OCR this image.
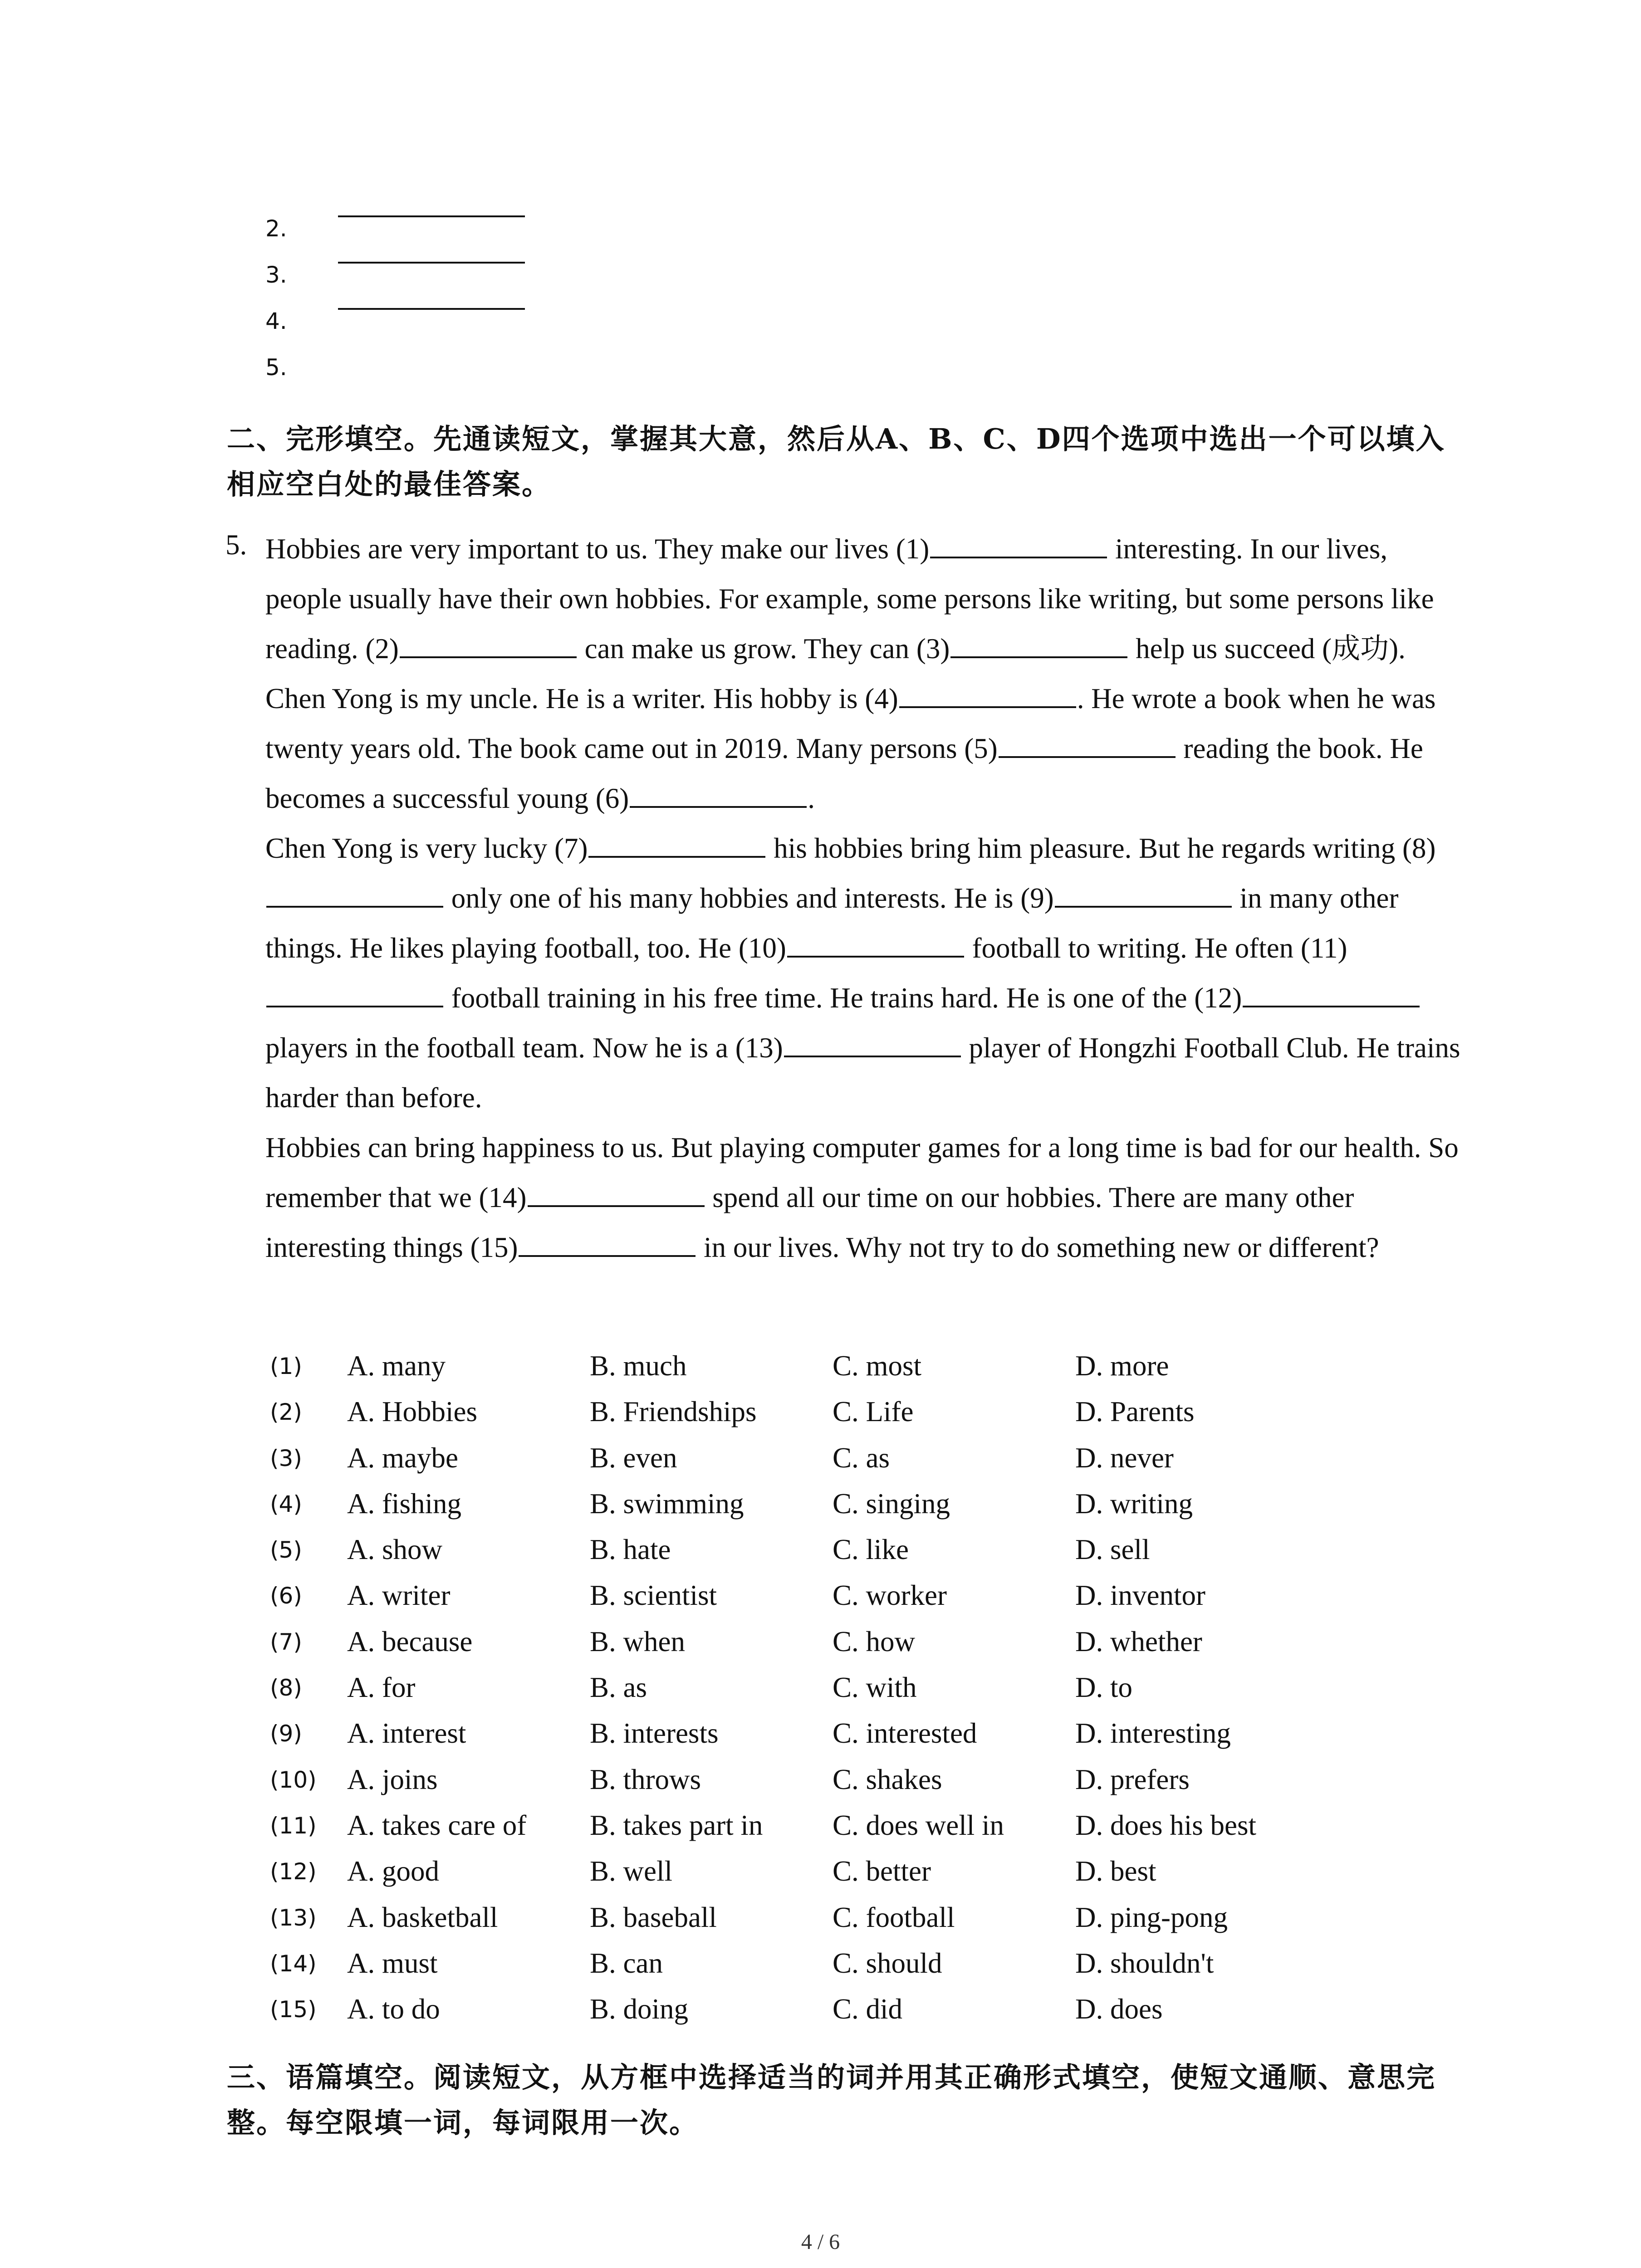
2.
3.
4.
5.

二、完形填空。先通读短文，掌握其大意，然后从A、B、C、D四个选项中选出一个可以填入相应空白处的最佳答案。

5. Hobbies are very important to us. They make our lives (1)	interesting. In our lives, people usually have their own hobbies. For example, some persons like writing, but some persons like reading. (2)	can make us grow. They can (3)	help us succeed (成功).

Chen Yong is my uncle. He is a writer. His hobby is (4)	. He wrote a book when he was twenty years old. The book came out in 2019. Many persons (5)	reading the book. He becomes a successful young (6)	.

Chen Yong is very lucky (7)	his hobbies bring him pleasure. But he regards writing (8) only one of his many hobbies and interests. He is (9)	in many other things. He likes playing football, too. He (10)	football to writing. He often (11) football training in his free time. He trains hard. He is one of the (12) players in the football team. Now he is a (13)	player of Hongzhi Football Club. He trains harder than before.

Hobbies can bring happiness to us. But playing computer games for a long time is bad for our health. So remember that we (14)	spend all our time on our hobbies. There are many other interesting things (15)	in our lives. Why not try to do something new or different?

(1) A. many	B. much	C. most	D. more
(2) A. Hobbies	B. Friendships	C. Life	D. Parents
(3) A. maybe	B. even	C. as	D. never
(4) A. fishing	B. swimming	C. singing	D. writing
(5) A. show	B. hate	C. like	D. sell
(6) A. writer	B. scientist	C. worker	D. inventor
(7) A. because	B. when	C. how	D. whether
(8) A. for	B. as	C. with	D. to
(9) A. interest	B. interests	C. interested	D. interesting
(10) A. joins	B. throws	C. shakes	D. prefers
(11) A. takes care of B. takes part in C. does well in D. does his best
(12) A. good	B. well	C. better	D. best
(13) A. basketball	B. baseball	C. football	D. ping-pong
(14) A. must	B. can	C. should	D. shouldn't
(15) A. to do	B. doing	C. did	D. does

三、语篇填空。阅读短文，从方框中选择适当的词并用其正确形式填空，使短文通顺、意思完整。每空限填一词，每词限用一次。

4 / 6
